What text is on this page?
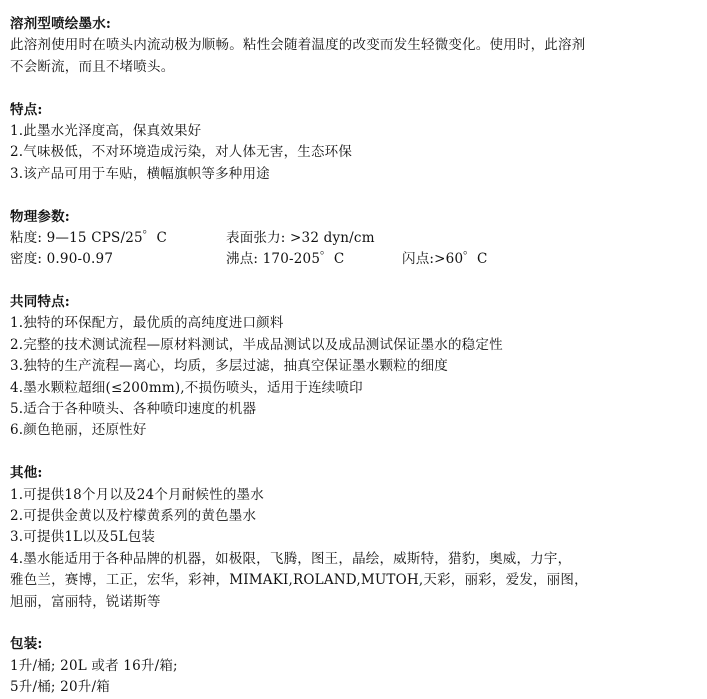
溶剂型喷绘墨水:
此溶剂使用时在喷头内流动极为顺畅。粘性会随着温度的改变而发生轻微变化。使用时，此溶剂
不会断流，而且不堵喷头。
特点:
1.此墨水光泽度高，保真效果好
2.气味极低，不对环境造成污染，对人体无害，生态环保
3.该产品可用于车贴，横幅旗帜等多种用途
物理参数:
粘度: 9—15 CPS/25゜C	表面张力: >32 dyn/cm
密度: 0.90-0.97	沸点: 170-205゜C	闪点:>60゜C
共同特点:
1.独特的环保配方，最优质的高纯度进口颜料
2.完整的技术测试流程—原材料测试，半成品测试以及成品测试保证墨水的稳定性
3.独特的生产流程—离心，均质，多层过滤，抽真空保证墨水颗粒的细度
4.墨水颗粒超细(≤200mm),不损伤喷头，适用于连续喷印
5.适合于各种喷头、各种喷印速度的机器
6.颜色艳丽，还原性好
其他:
1.可提供18个月以及24个月耐候性的墨水
2.可提供金黄以及柠檬黄系列的黄色墨水
3.可提供1L以及5L包装
4.墨水能适用于各种品牌的机器，如极限，飞腾，图王，晶绘，威斯特，猎豹，奥威，力宇，
雅色兰，赛博，工正，宏华，彩神，MIMAKI,ROLAND,MUTOH,天彩，丽彩，爱发，丽图，
旭丽，富丽特，锐诺斯等
包装:
1升/桶; 20L 或者 16升/箱;
5升/桶; 20升/箱
